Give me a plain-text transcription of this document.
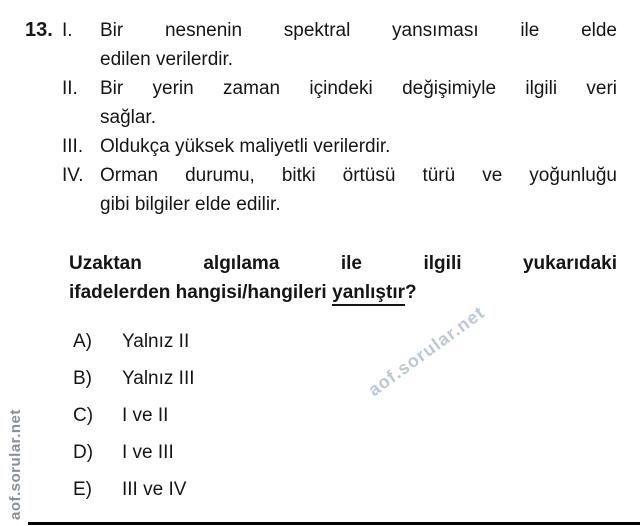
13. I.	Bir nesnenin spektral yansıması ile elde
edilen verilerdir.
II.	Bir yerin zaman içindeki değişimiyle ilgili veri
sağlar.
III. Oldukça yüksek maliyetli verilerdir.
IV. Orman durumu, bitki örtüsü türü ve yoğunluğu
gibi bilgiler elde edilir.
Uzaktan algılama ile ilgili yukarıdaki
ifadelerden hangisi/hangileri yanlıştır?
A)	Yalnız II
B)	Yalnız III
C)	I ve II
D)	I ve III
E)	III ve IV
aof.sorular.net
aof.sorular.net
